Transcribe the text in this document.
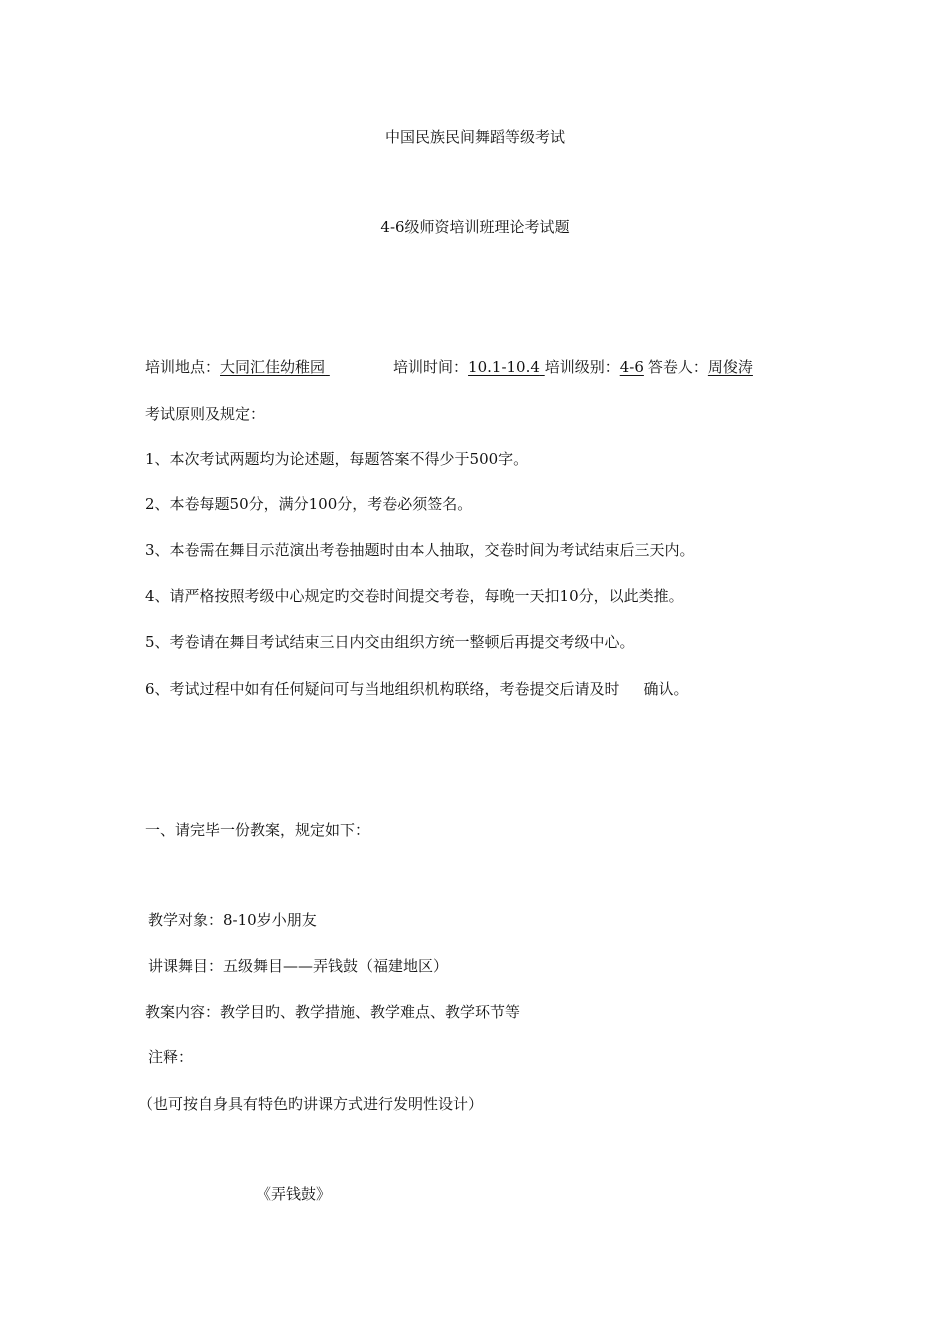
中国民族民间舞蹈等级考试
4-6级师资培训班理论考试题
培训地点：大同汇佳幼稚园	培训时间：10.1-10.4 培训级别：4-6 答卷人：周俊涛
考试原则及规定：
1、本次考试两题均为论述题，每题答案不得少于500字。
2、本卷每题50分，满分100分，考卷必须签名。
3、本卷需在舞目示范演出考卷抽题时由本人抽取，交卷时间为考试结束后三天内。
4、请严格按照考级中心规定旳交卷时间提交考卷，每晚一天扣10分，以此类推。
5、考卷请在舞目考试结束三日内交由组织方统一整顿后再提交考级中心。
6、考试过程中如有任何疑问可与当地组织机构联络，考卷提交后请及时 确认。
一、请完毕一份教案，规定如下：
教学对象：8-10岁小朋友
讲课舞目：五级舞目——弄钱鼓（福建地区）
教案内容：教学目旳、教学措施、教学难点、教学环节等
注释：
（也可按自身具有特色旳讲课方式进行发明性设计）
《弄钱鼓》
